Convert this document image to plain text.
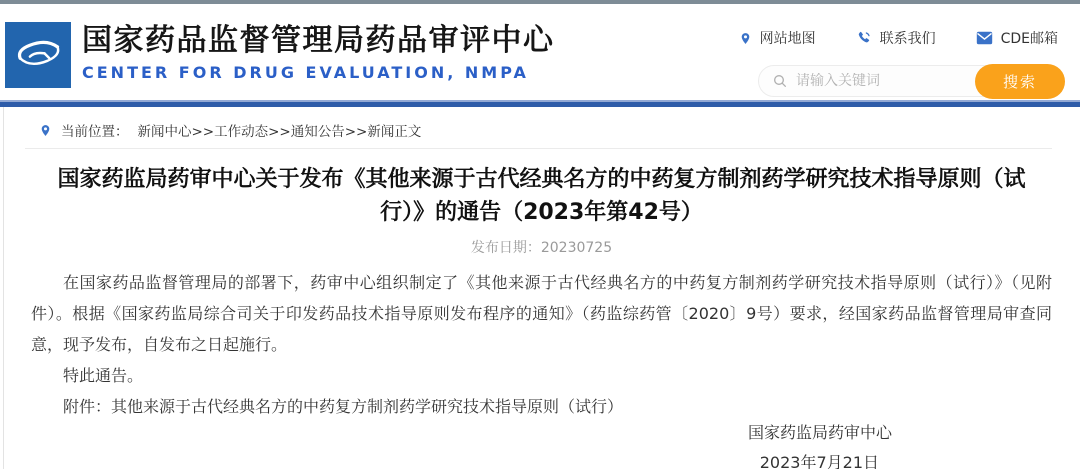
国家药品监督管理局药品审评中心
CENTER FOR DRUG EVALUATION, NMPA
网站地图	联系我们	CDE邮箱
请输入关键词
搜索
当前位置： 新闻中心>>工作动态>>通知公告>>新闻正文
国家药监局药审中心关于发布《其他来源于古代经典名方的中药复方制剂药学研究技术指导原则（试行）》的通告（2023年第42号）
发布日期：20230725

在国家药品监督管理局的部署下，药审中心组织制定了《其他来源于古代经典名方的中药复方制剂药学研究技术指导原则（试行）》（见附件）。根据《国家药监局综合司关于印发药品技术指导原则发布程序的通知》（药监综药管〔2020〕9号）要求，经国家药品监督管理局审查同意，现予发布，自发布之日起施行。

特此通告。

附件：其他来源于古代经典名方的中药复方制剂药学研究技术指导原则（试行）

国家药监局药审中心
2023年7月21日
